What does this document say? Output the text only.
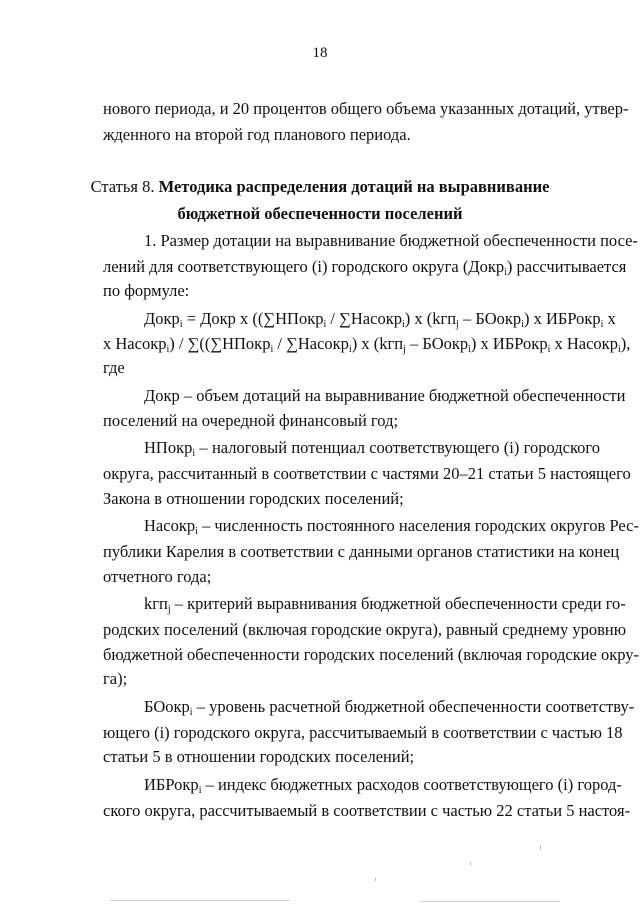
18
нового периода, и 20 процентов общего объема указанных дотаций, утвер-
жденного на второй год планового периода.
Статья 8. Методика распределения дотаций на выравнивание
бюджетной обеспеченности поселений
1. Размер дотации на выравнивание бюджетной обеспеченности посе-
лений для соответствующего (i) городского округа (Докр$_i$) рассчитывается
по формуле:
Докр$_i$ = Докр x ((∑НПокр$_i$ / ∑Насокр$_i$) x (kгп$_j$ – БОокр$_i$) x ИБРокр$_i$ x
x Насокр$_i$) / ∑((∑НПокр$_i$ / ∑Насокр$_i$) x (kгп$_j$ – БОокр$_i$) x ИБРокр$_i$ x Насокр$_i$),
где
Докр – объем дотаций на выравнивание бюджетной обеспеченности
поселений на очередной финансовый год;
НПокр$_i$ – налоговый потенциал соответствующего (i) городского
округа, рассчитанный в соответствии с частями 20–21 статьи 5 настоящего
Закона в отношении городских поселений;
Насокр$_i$ – численность постоянного населения городских округов Рес-
публики Карелия в соответствии с данными органов статистики на конец
отчетного года;
kгп$_j$ – критерий выравнивания бюджетной обеспеченности среди го-
родских поселений (включая городские округа), равный среднему уровню
бюджетной обеспеченности городских поселений (включая городские окру-
га);
БОокр$_i$ – уровень расчетной бюджетной обеспеченности соответству-
ющего (i) городского округа, рассчитываемый в соответствии с частью 18
статьи 5 в отношении городских поселений;
ИБРокр$_i$ – индекс бюджетных расходов соответствующего (i) город-
ского округа, рассчитываемый в соответствии с частью 22 статьи 5 настоя-
